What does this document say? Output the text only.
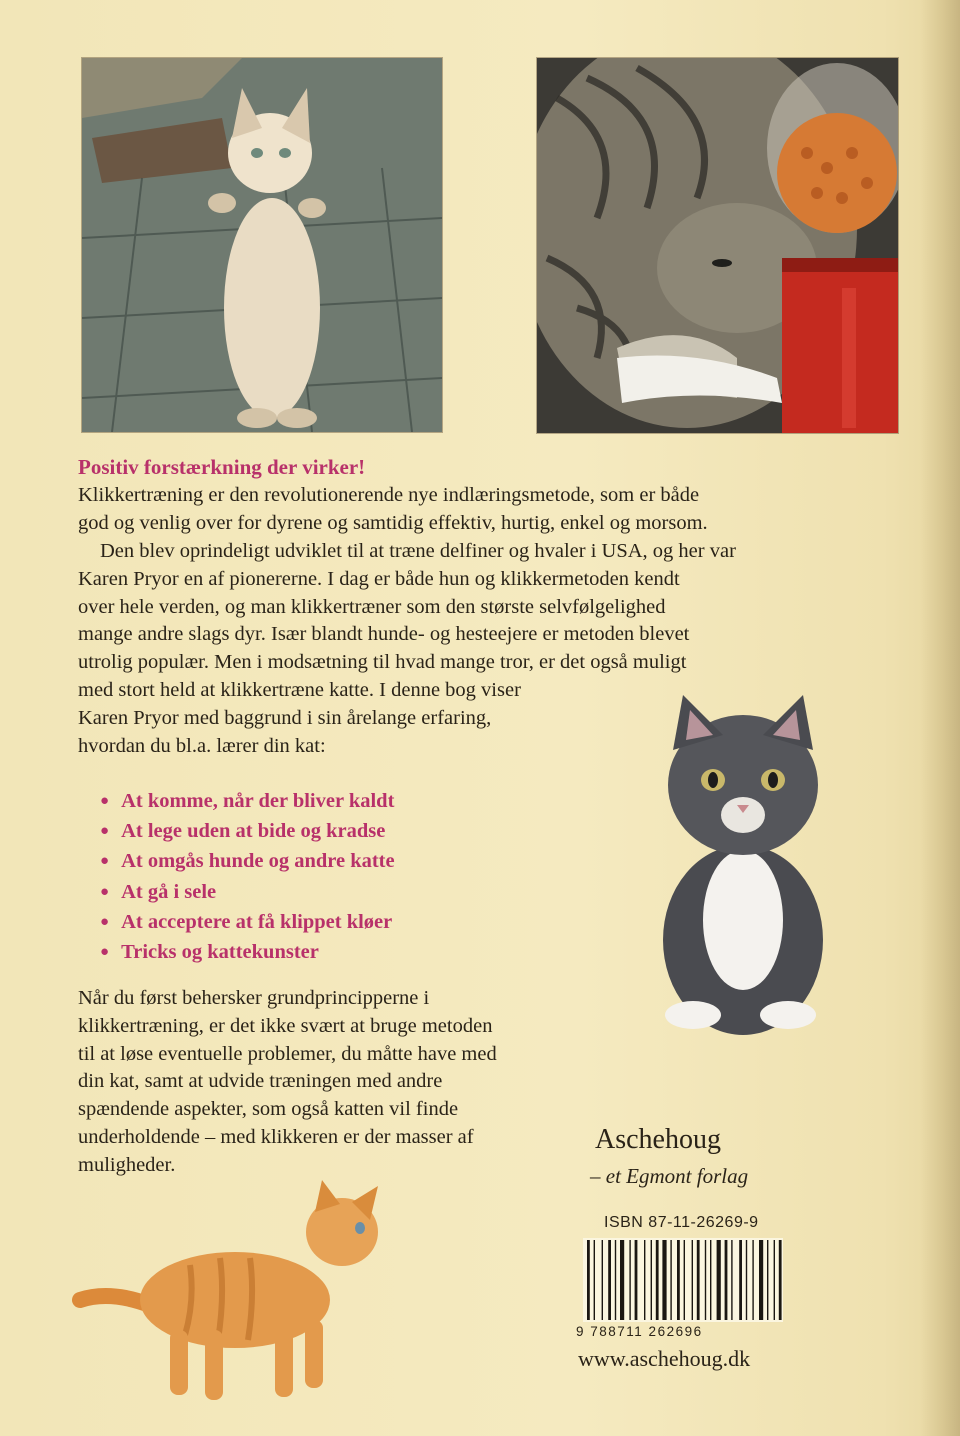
Positiv forstærkning der virker!

Klikkertræning er den revolutionerende nye indlæringsmetode, som er både
god og venlig over for dyrene og samtidig effektiv, hurtig, enkel og morsom.

Den blev oprindeligt udviklet til at træne delfiner og hvaler i USA, og her var
Karen Pryor en af pionererne. I dag er både hun og klikkermetoden kendt
over hele verden, og man klikkertræner som den største selvfølgelighed
mange andre slags dyr. Især blandt hunde- og hesteejere er metoden blevet
utrolig populær. Men i modsætning til hvad mange tror, er det også muligt
med stort held at klikkertræne katte. I denne bog viser
Karen Pryor med baggrund i sin årelange erfaring,
hvordan du bl.a. lærer din kat:

● At komme, når der bliver kaldt
● At lege uden at bide og kradse
● At omgås hunde og andre katte
● At gå i sele
● At acceptere at få klippet kløer
● Tricks og kattekunster

Når du først behersker grundprincipperne i
klikkertræning, er det ikke svært at bruge metoden
til at løse eventuelle problemer, du måtte have med
din kat, samt at udvide træningen med andre
spændende aspekter, som også katten vil finde
underholdende – med klikkeren er der masser af
muligheder.

Aschehoug
– et Egmont forlag
ISBN 87-11-26269-9
9 788711 262696
www.aschehoug.dk
